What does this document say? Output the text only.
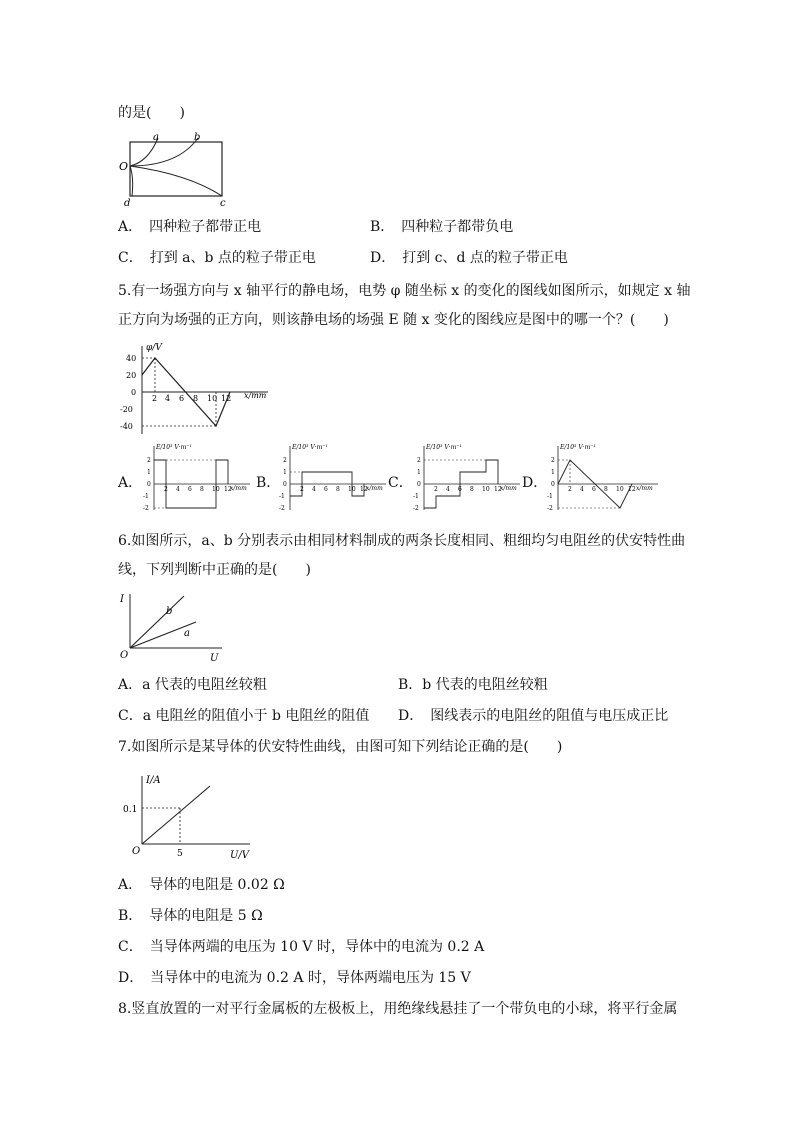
的是(　　)
O
a	b
c
d
A．　四种粒子都带正电	B．　四种粒子都带负电
C．　打到 a、b 点的粒子带正电	D．　打到 c、d 点的粒子带正电
5.有一场强方向与 x 轴平行的静电场，电势 φ 随坐标 x 的变化的图线如图所示，如规定 x 轴
正方向为场强的正方向，则该静电场的场强 E 随 x 变化的图线应是图中的哪一个？(　　)
φ/V
x/mm
40
20
0
-20
-40
2 4 6 8 10 12
A．
E/10³ V·m⁻¹
x/mm
2
1
0
-1
-2
2 4 6 8 10 12 B．
E/10³ V·m⁻¹
x/mm
2
1
0
-1
-2
2 4 6 8 10 12 C．
E/10³ V·m⁻¹
x/mm
2
1
0
-1
-2
2 4 6 8 10 12 D．
E/10³ V·m⁻¹
x/mm
2
1
0
-1
-2
2 4 6 8 10 12
6.如图所示，a、b 分别表示由相同材料制成的两条长度相同、粗细均匀电阻丝的伏安特性曲
线，下列判断中正确的是(　　)
I
U
O
b
a
A．a 代表的电阻丝较粗	B．b 代表的电阻丝较粗
C．a 电阻丝的阻值小于 b 电阻丝的阻值 D．　图线表示的电阻丝的阻值与电压成正比
7.如图所示是某导体的伏安特性曲线，由图可知下列结论正确的是(　　)
I/A
U/V
O
0.1
5
A．　导体的电阻是 0.02 Ω
B．　导体的电阻是 5 Ω
C．　当导体两端的电压为 10 V 时，导体中的电流为 0.2 A
D．　当导体中的电流为 0.2 A 时，导体两端电压为 15 V
8.竖直放置的一对平行金属板的左极板上，用绝缘线悬挂了一个带负电的小球，将平行金属
